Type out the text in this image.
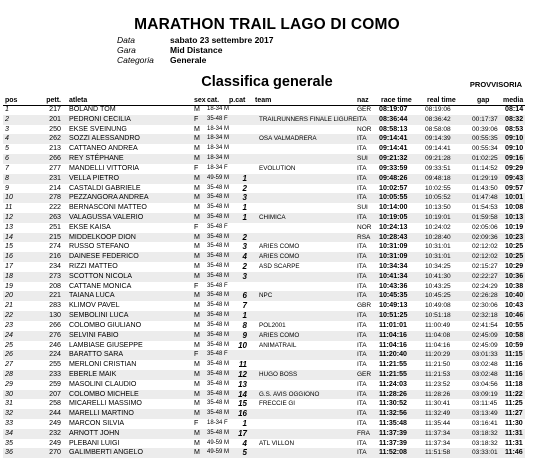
MARATHON TRAIL LAGO DI COMO
Data	sabato 23 settembre 2017
Gara	Mid Distance
Categoria Generale
Classifica generale	PROVVISORIA
pos	pett. atleta	sex cat. p.cat team	naz race time real time	gap media
1	217 BOLAND TOM	M 18-34 M	GER 08:19:07	08:19:06	08:14
2	201 PEDRONI CECILIA	F 35-48 F	TRAILRUNNERS FINALE LIGURE ITA 08:36:44	08:36:42	00:17:37 08:32
3	250 EKSE SVEINUNG	M 18-34 M	NOR 08:58:13	08:58:08	00:39:06 08:53
4	262 SOZZI ALESSANDRO	M 18-34 M	OSA VALMADRERA	ITA 09:14:41	09:14:39	00:55:35 09:10
5	213 CATTANEO ANDREA	M 18-34 M	ITA 09:14:41	09:14:41	00:55:34 09:10
6	266 REY STÉPHANE	M 18-34 M	SUI 09:21:32	09:21:28	01:02:25 09:16
7	277 MANDELLI VITTORIA	F 18-34 F	EVOLUTION	ITA 09:33:59	09:33:51	01:14:52 09:29
8	231 VELLA PIETRO	M 49-59 M	1	ITA 09:48:26	09:48:18	01:29:19 09:43
9	214 CASTALDI GABRIELE	M 35-48 M	2	ITA 10:02:57	10:02:55	01:43:50 09:57
10	278 PEZZANGORA ANDREA	M 35-48 M	3	ITA 10:05:55	10:05:52	01:47:48 10:01
11	222 BERNASCONI MATTEO	M 35-48 M	1	SUI 10:14:00	10:13:50	01:54:53 10:08
12	263 VALAGUSSA VALERIO	M 35-48 M	1 CHIMICA	ITA 10:19:05	10:19:01	01:59:58 10:13
13	251 EKSE KAISA	F 35-48 F	NOR 10:24:13	10:24:02	02:05:06 10:19
14	215 MIDDELKOOP DION	M 35-48 M	2	RSA 10:28:43	10:28:40	02:09:36 10:23
15	274 RUSSO STEFANO	M 35-48 M	3 ARIES COMO	ITA 10:31:09	10:31:01	02:12:02 10:25
16	216 DAINESE FEDERICO	M 35-48 M	4 ARIES COMO	ITA 10:31:09	10:31:01	02:12:02 10:25
17	234 RIZZI MATTEO	M 35-48 M	2 ASD SCARPE	ITA 10:34:34	10:34:25	02:15:27 10:29
18	273 SCOTTON NICOLA	M 35-48 M	3	ITA 10:41:34	10:41:30	02:22:27 10:36
19	208 CATTANE MONICA	F 35-48 F	ITA 10:43:36	10:43:25	02:24:29 10:38
20	221 TAIANA LUCA	M 35-48 M	6 NPC	ITA 10:45:35	10:45:25	02:26:28 10:40
21	283 KLIMOV PAVEL	M 35-48 M	7	GBR 10:49:13	10:49:08	02:30:06 10:43
22	130 SEMBOLINI LUCA	M 35-48 M	1	ITA 10:51:25	10:51:18	02:32:18 10:46
23	266 COLOMBO GIULIANO	M 35-48 M	8 POL2001	ITA 11:01:01	11:00:49	02:41:54 10:55
24	276 SELVINI FABIO	M 35-48 M	9 ARIES COMO	ITA 11:04:16	11:04:08	02:45:09 10:58
25	246 LAMBIASE GIUSEPPE	M 35-48 M	10 ANIMATRAIL	ITA 11:04:16	11:04:16	02:45:09 10:59
26	224 BARATTO SARA	F 35-48 F	ITA 11:20:40	11:20:29	03:01:33 11:15
27	255 MERLONI CRISTIAN	M 35-48 M	11	ITA 11:21:55	11:21:50	03:02:48 11:16
28	233 EBERLE MAIK	M 35-48 M	12 HUGO BOSS	GER 11:21:55	11:21:53	03:02:48 11:16
29	259 MASOLINI CLAUDIO	M 35-48 M	13	ITA 11:24:03	11:23:52	03:04:56 11:18
30	207 COLOMBO MICHELE	M 35-48 M	14 G.S. AVIS OGGIONO	ITA 11:28:26	11:28:26	03:09:19 11:22
31	258 MICARELLI MASSIMO	M 35-48 M	15 FRECCIE GI	ITA 11:30:52	11:30:41	03:11:45 11:25
32	244 MARELLI MARTINO	M 35-48 M	16	ITA 11:32:56	11:32:49	03:13:49 11:27
33	249 MARCON SILVIA	F 18-34 F	1	ITA 11:35:48	11:35:44	03:16:41 11:30
34	232 ARNOTT JOHN	M 35-48 M	17	FRA 11:37:39	11:37:34	03:18:32 11:31
35	249 PLEBANI LUIGI	M 49-59 M	4 ATL VILLON	ITA 11:37:39	11:37:34	03:18:32 11:31
36	270 GALIMBERTI ANGELO	M 49-59 M	5	ITA 11:52:08	11:51:58	03:33:01 11:46
